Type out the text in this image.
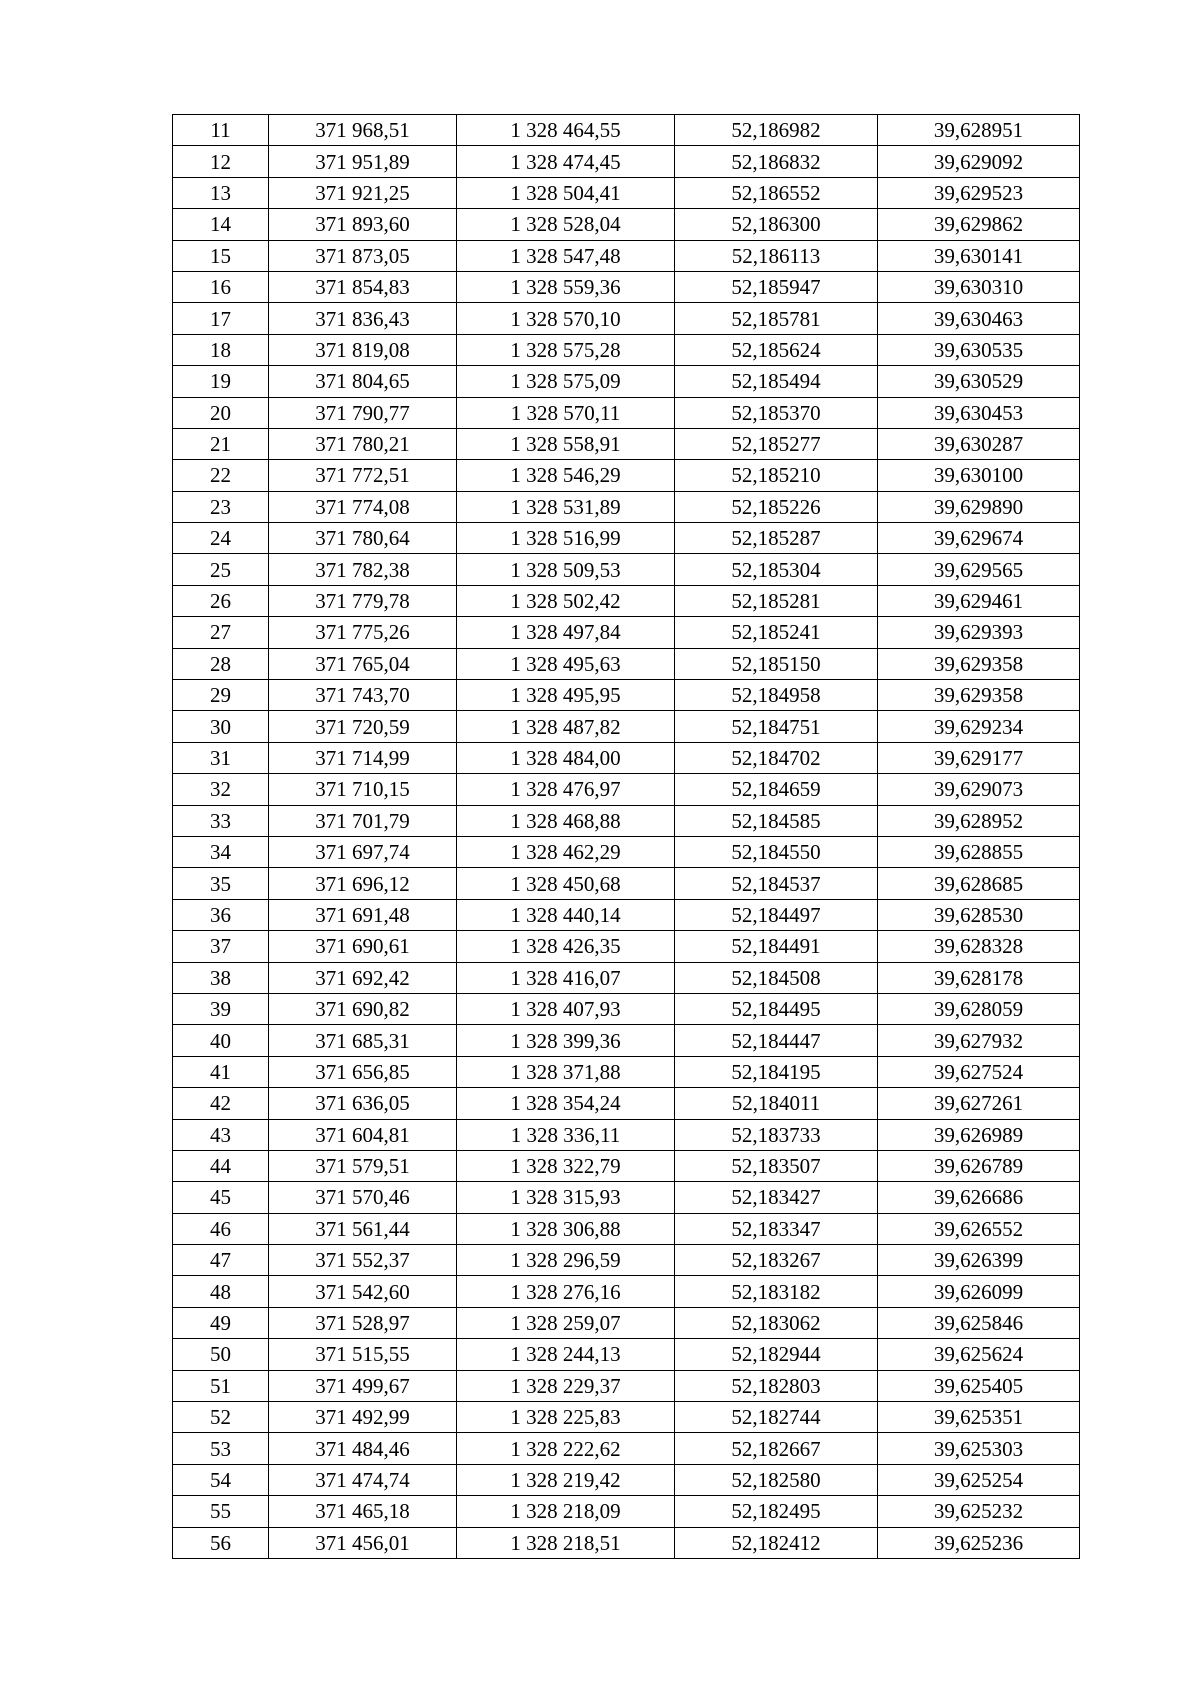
11	371 968,51	1 328 464,55	52,186982	39,628951
12	371 951,89	1 328 474,45	52,186832	39,629092
13	371 921,25	1 328 504,41	52,186552	39,629523
14	371 893,60	1 328 528,04	52,186300	39,629862
15	371 873,05	1 328 547,48	52,186113	39,630141
16	371 854,83	1 328 559,36	52,185947	39,630310
17	371 836,43	1 328 570,10	52,185781	39,630463
18	371 819,08	1 328 575,28	52,185624	39,630535
19	371 804,65	1 328 575,09	52,185494	39,630529
20	371 790,77	1 328 570,11	52,185370	39,630453
21	371 780,21	1 328 558,91	52,185277	39,630287
22	371 772,51	1 328 546,29	52,185210	39,630100
23	371 774,08	1 328 531,89	52,185226	39,629890
24	371 780,64	1 328 516,99	52,185287	39,629674
25	371 782,38	1 328 509,53	52,185304	39,629565
26	371 779,78	1 328 502,42	52,185281	39,629461
27	371 775,26	1 328 497,84	52,185241	39,629393
28	371 765,04	1 328 495,63	52,185150	39,629358
29	371 743,70	1 328 495,95	52,184958	39,629358
30	371 720,59	1 328 487,82	52,184751	39,629234
31	371 714,99	1 328 484,00	52,184702	39,629177
32	371 710,15	1 328 476,97	52,184659	39,629073
33	371 701,79	1 328 468,88	52,184585	39,628952
34	371 697,74	1 328 462,29	52,184550	39,628855
35	371 696,12	1 328 450,68	52,184537	39,628685
36	371 691,48	1 328 440,14	52,184497	39,628530
37	371 690,61	1 328 426,35	52,184491	39,628328
38	371 692,42	1 328 416,07	52,184508	39,628178
39	371 690,82	1 328 407,93	52,184495	39,628059
40	371 685,31	1 328 399,36	52,184447	39,627932
41	371 656,85	1 328 371,88	52,184195	39,627524
42	371 636,05	1 328 354,24	52,184011	39,627261
43	371 604,81	1 328 336,11	52,183733	39,626989
44	371 579,51	1 328 322,79	52,183507	39,626789
45	371 570,46	1 328 315,93	52,183427	39,626686
46	371 561,44	1 328 306,88	52,183347	39,626552
47	371 552,37	1 328 296,59	52,183267	39,626399
48	371 542,60	1 328 276,16	52,183182	39,626099
49	371 528,97	1 328 259,07	52,183062	39,625846
50	371 515,55	1 328 244,13	52,182944	39,625624
51	371 499,67	1 328 229,37	52,182803	39,625405
52	371 492,99	1 328 225,83	52,182744	39,625351
53	371 484,46	1 328 222,62	52,182667	39,625303
54	371 474,74	1 328 219,42	52,182580	39,625254
55	371 465,18	1 328 218,09	52,182495	39,625232
56	371 456,01	1 328 218,51	52,182412	39,625236
